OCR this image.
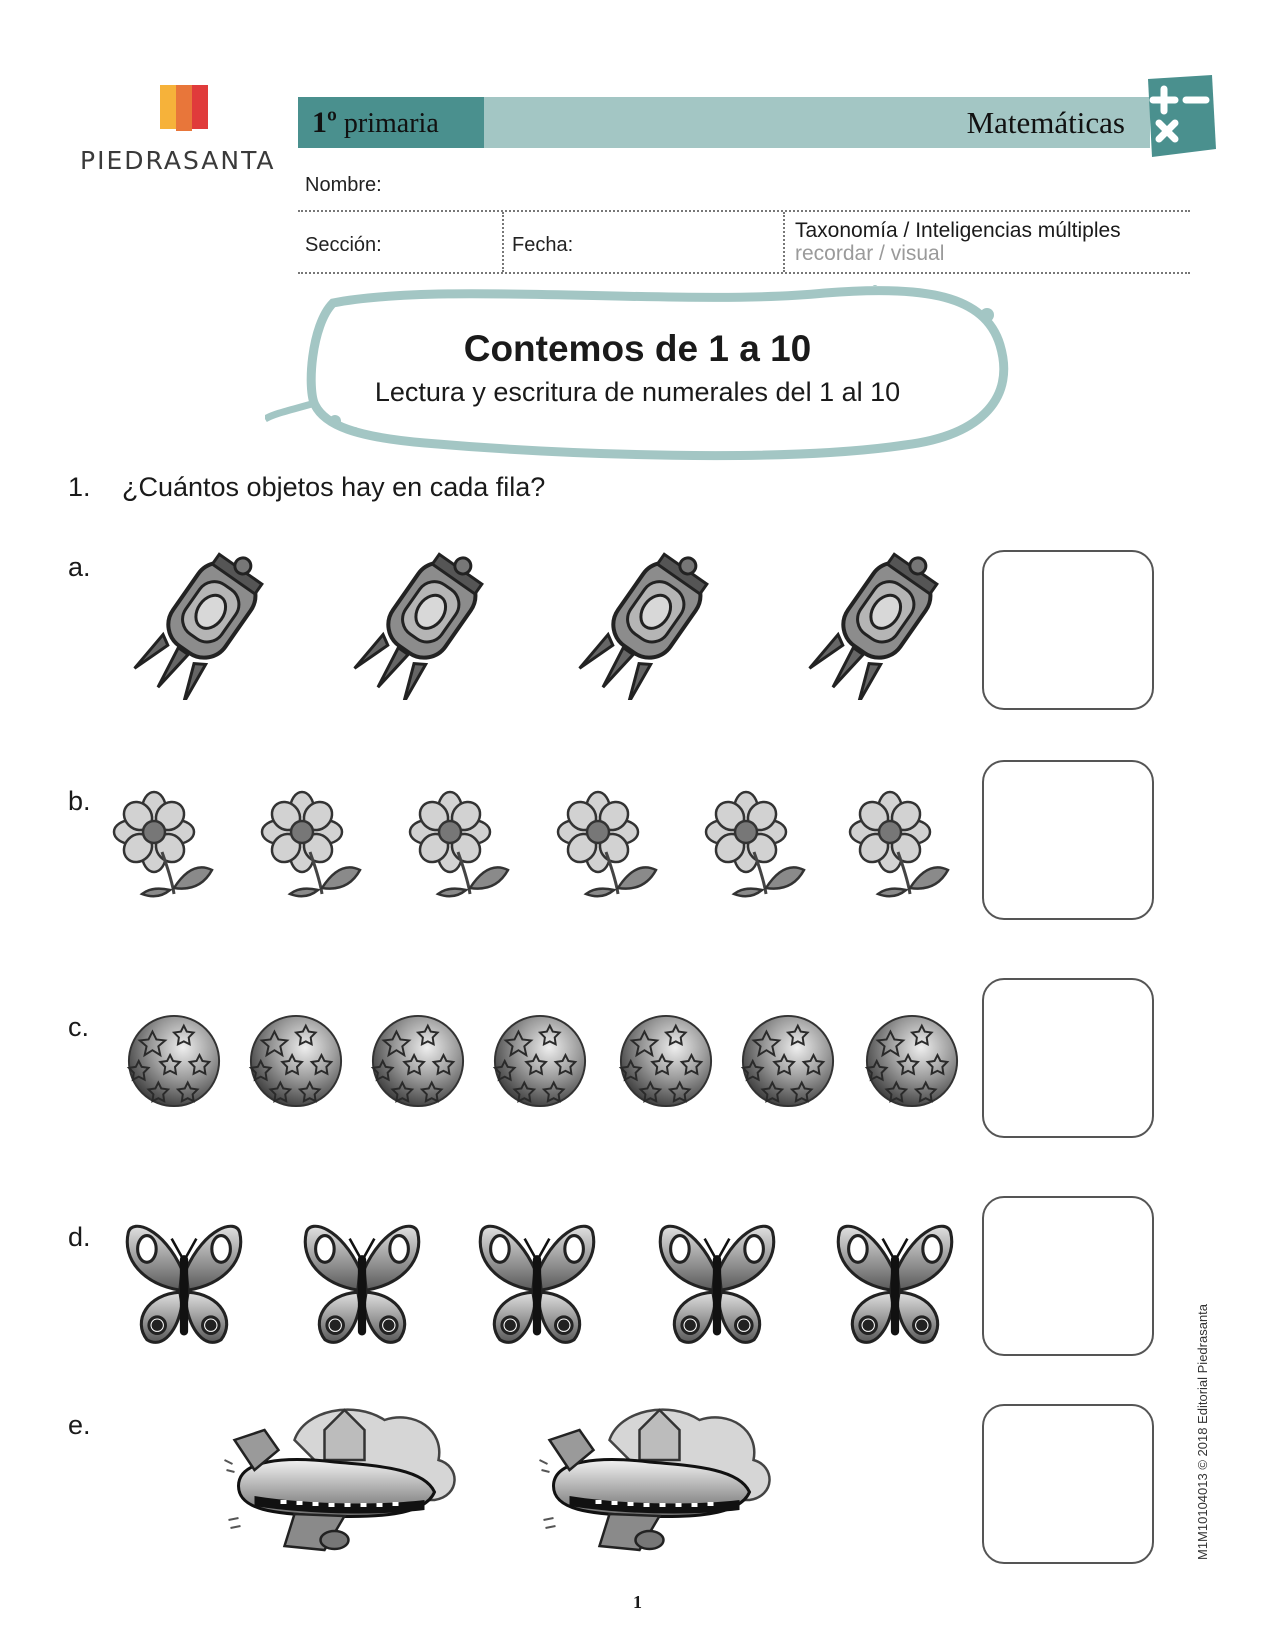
PIEDRASANTA
1º primaria	Matemáticas
Nombre:
Sección:	Fecha:
Taxonomía / Inteligencias múltiples
recordar / visual
Contemos de 1 a 10
Lectura y escritura de numerales del 1 al 10
1. ¿Cuántos objetos hay en cada fila?
a.
b.
c.
d.
e.	M1M10104013 © 2018 Editorial Piedrasanta
1
